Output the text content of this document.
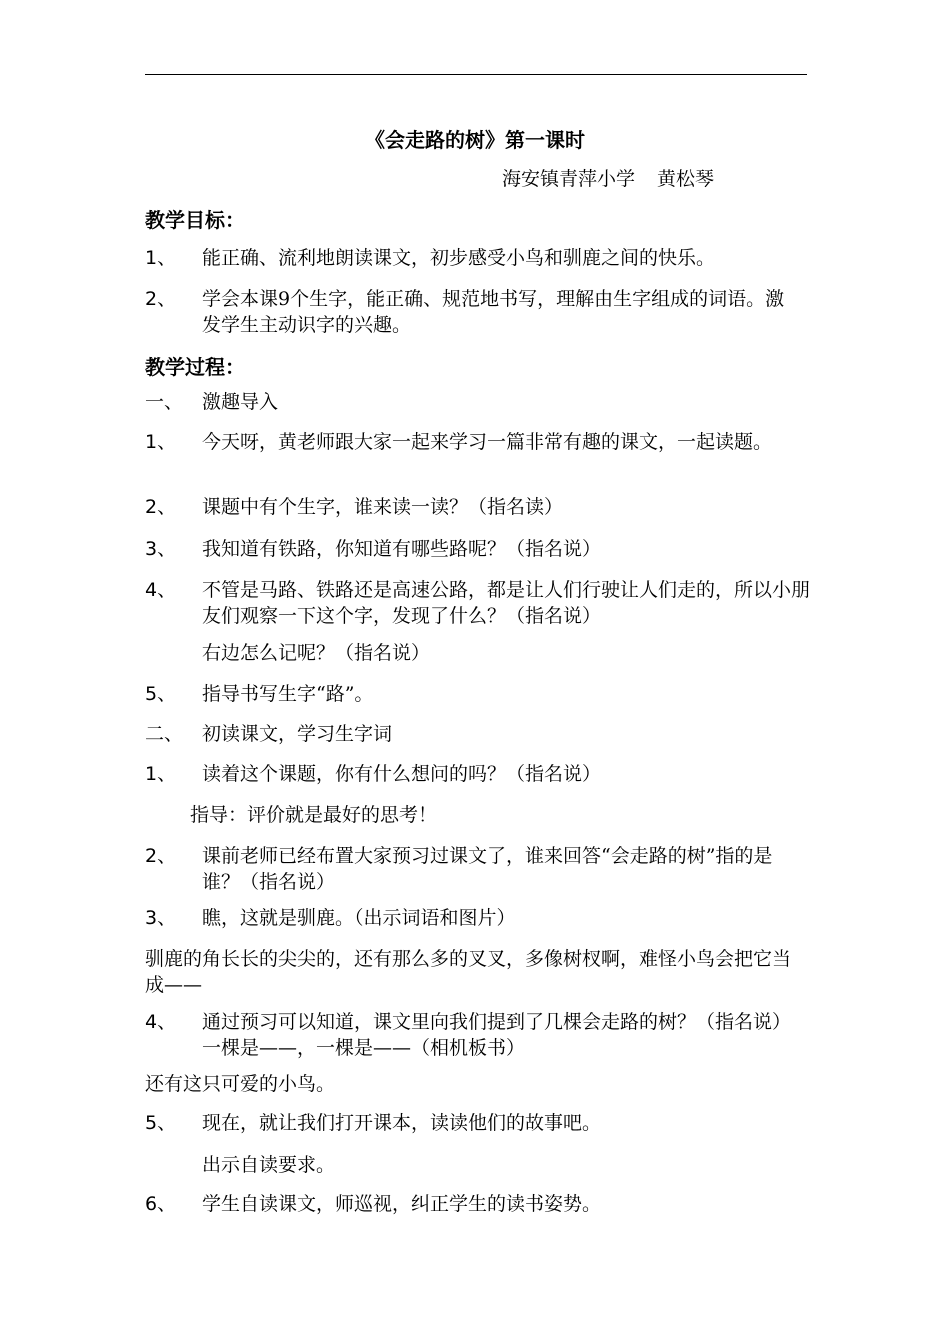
《会走路的树》第一课时
海安镇青萍小学 黄松琴
教学目标：
1、	能正确、流利地朗读课文，初步感受小鸟和驯鹿之间的快乐。
2、	学会本课9个生字，能正确、规范地书写，理解由生字组成的词语。激发学生主动识字的兴趣。
教学过程：
一、 激趣导入
1、	今天呀，黄老师跟大家一起来学习一篇非常有趣的课文，一起读题。
2、	课题中有个生字，谁来读一读？（指名读）
3、	我知道有铁路，你知道有哪些路呢？（指名说）
4、	不管是马路、铁路还是高速公路，都是让人们行驶让人们走的，所以小朋友们观察一下这个字，发现了什么？（指名说）
右边怎么记呢？（指名说）
5、	指导书写生字“路”。
二、 初读课文，学习生字词
1、	读着这个课题，你有什么想问的吗？（指名说）
指导：评价就是最好的思考！
2、	课前老师已经布置大家预习过课文了，谁来回答“会走路的树”指的是谁？（指名说）
3、	瞧，这就是驯鹿。（出示词语和图片）
驯鹿的角长长的尖尖的，还有那么多的叉叉，多像树杈啊，难怪小鸟会把它当成——
4、	通过预习可以知道，课文里向我们提到了几棵会走路的树？（指名说）一棵是——，一棵是——（相机板书）
还有这只可爱的小鸟。
5、	现在，就让我们打开课本，读读他们的故事吧。
出示自读要求。
6、	学生自读课文，师巡视，纠正学生的读书姿势。
